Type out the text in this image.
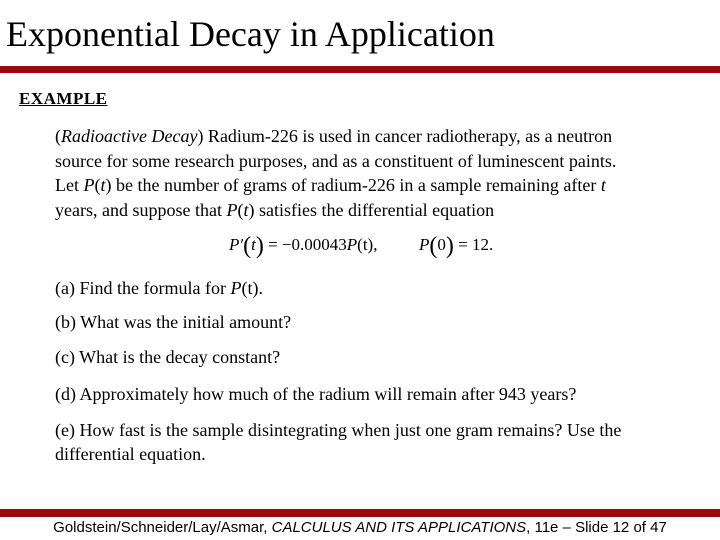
Exponential Decay in Application
EXAMPLE

(Radioactive Decay) Radium-226 is used in cancer radiotherapy, as a neutron

source for some research purposes, and as a constituent of luminescent paints.

Let P(t) be the number of grams of radium-226 in a sample remaining after t

years, and suppose that P(t) satisfies the differential equation

P′(t) = −0.00043P(t), P(0) = 12.

(a) Find the formula for P(t).

(b) What was the initial amount?

(c) What is the decay constant?

(d) Approximately how much of the radium will remain after 943 years?

(e) How fast is the sample disintegrating when just one gram remains? Use the

differential equation.

Goldstein/Schneider/Lay/Asmar, CALCULUS AND ITS APPLICATIONS, 11e – Slide 12 of 47
